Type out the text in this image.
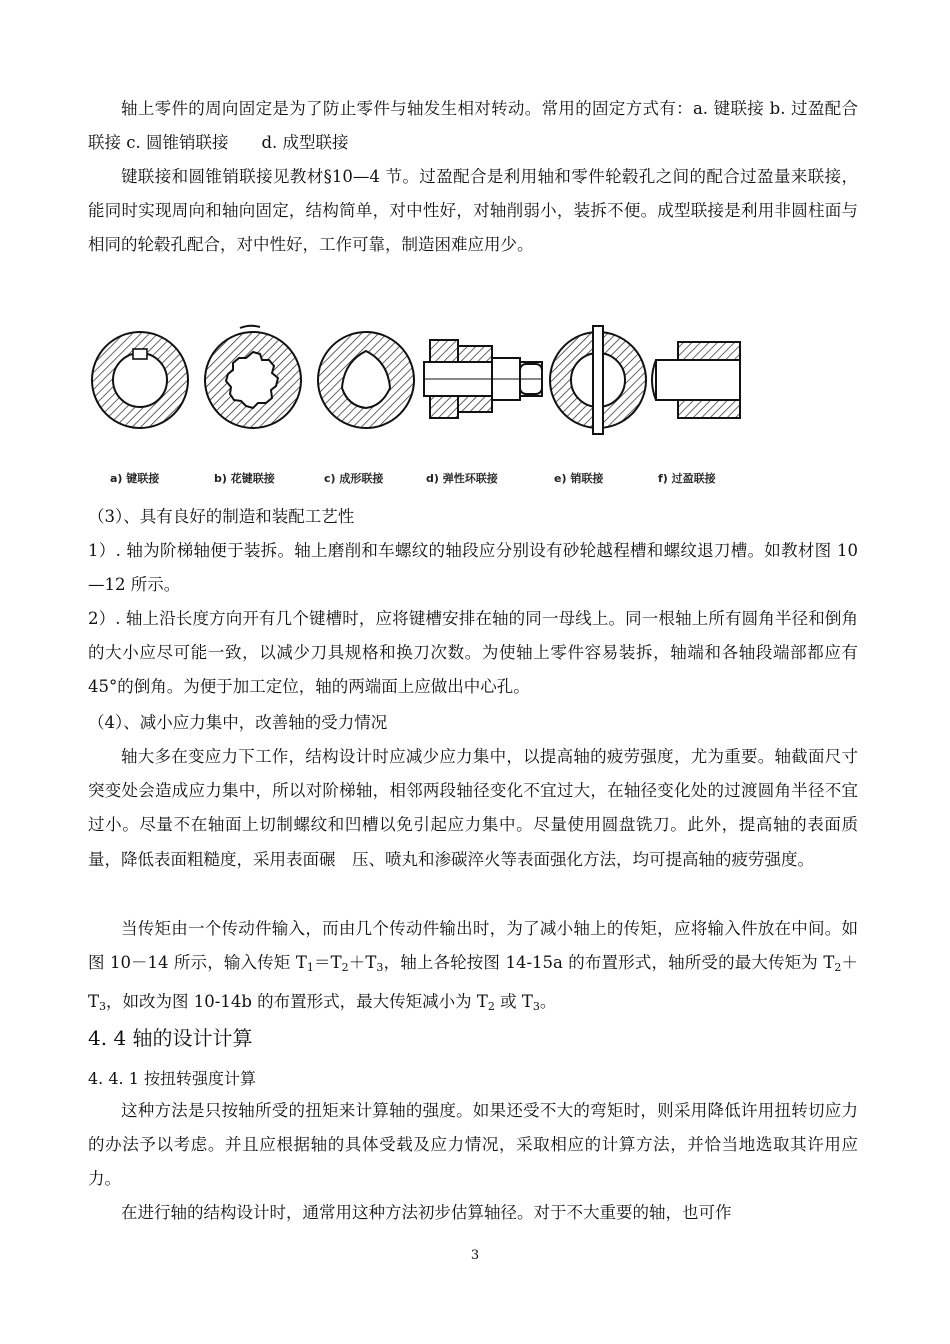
轴上零件的周向固定是为了防止零件与轴发生相对转动。常用的固定方式有：a. 键联接 b. 过盈配合联接 c. 圆锥销联接　　d. 成型联接
键联接和圆锥销联接见教材§10—4 节。过盈配合是利用轴和零件轮毂孔之间的配合过盈量来联接，能同时实现周向和轴向固定，结构简单，对中性好，对轴削弱小，装拆不便。成型联接是利用非圆柱面与相同的轮毂孔配合，对中性好，工作可靠，制造困难应用少。
a) 键联接	b) 花键联接	c) 成形联接	d) 弹性环联接	e) 销联接	f) 过盈联接
（3）、具有良好的制造和装配工艺性
1）. 轴为阶梯轴便于装拆。轴上磨削和车螺纹的轴段应分别设有砂轮越程槽和螺纹退刀槽。如教材图 10—12 所示。
2）. 轴上沿长度方向开有几个键槽时，应将键槽安排在轴的同一母线上。同一根轴上所有圆角半径和倒角的大小应尽可能一致，以减少刀具规格和换刀次数。为使轴上零件容易装拆，轴端和各轴段端部都应有45°的倒角。为便于加工定位，轴的两端面上应做出中心孔。
（4）、减小应力集中，改善轴的受力情况
轴大多在变应力下工作，结构设计时应减少应力集中，以提高轴的疲劳强度，尤为重要。轴截面尺寸突变处会造成应力集中，所以对阶梯轴，相邻两段轴径变化不宜过大，在轴径变化处的过渡圆角半径不宜过小。尽量不在轴面上切制螺纹和凹槽以免引起应力集中。尽量使用圆盘铣刀。此外，提高轴的表面质量，降低表面粗糙度，采用表面碾　压、喷丸和渗碳淬火等表面强化方法，均可提高轴的疲劳强度。
当传矩由一个传动件输入，而由几个传动件输出时，为了减小轴上的传矩，应将输入件放在中间。如图 10－14 所示，输入传矩 $T_1=T_2+T_3$，轴上各轮按图 14-15a 的布置形式，轴所受的最大传矩为 $T_2+T_3$，如改为图 10-14b 的布置形式，最大传矩减小为 $T_2$ 或 $T_3$。
4. 4 轴的设计计算
4. 4. 1 按扭转强度计算
这种方法是只按轴所受的扭矩来计算轴的强度。如果还受不大的弯矩时，则采用降低许用扭转切应力的办法予以考虑。并且应根据轴的具体受载及应力情况，采取相应的计算方法，并恰当地选取其许用应力。
在进行轴的结构设计时，通常用这种方法初步估算轴径。对于不大重要的轴，也可作
3
